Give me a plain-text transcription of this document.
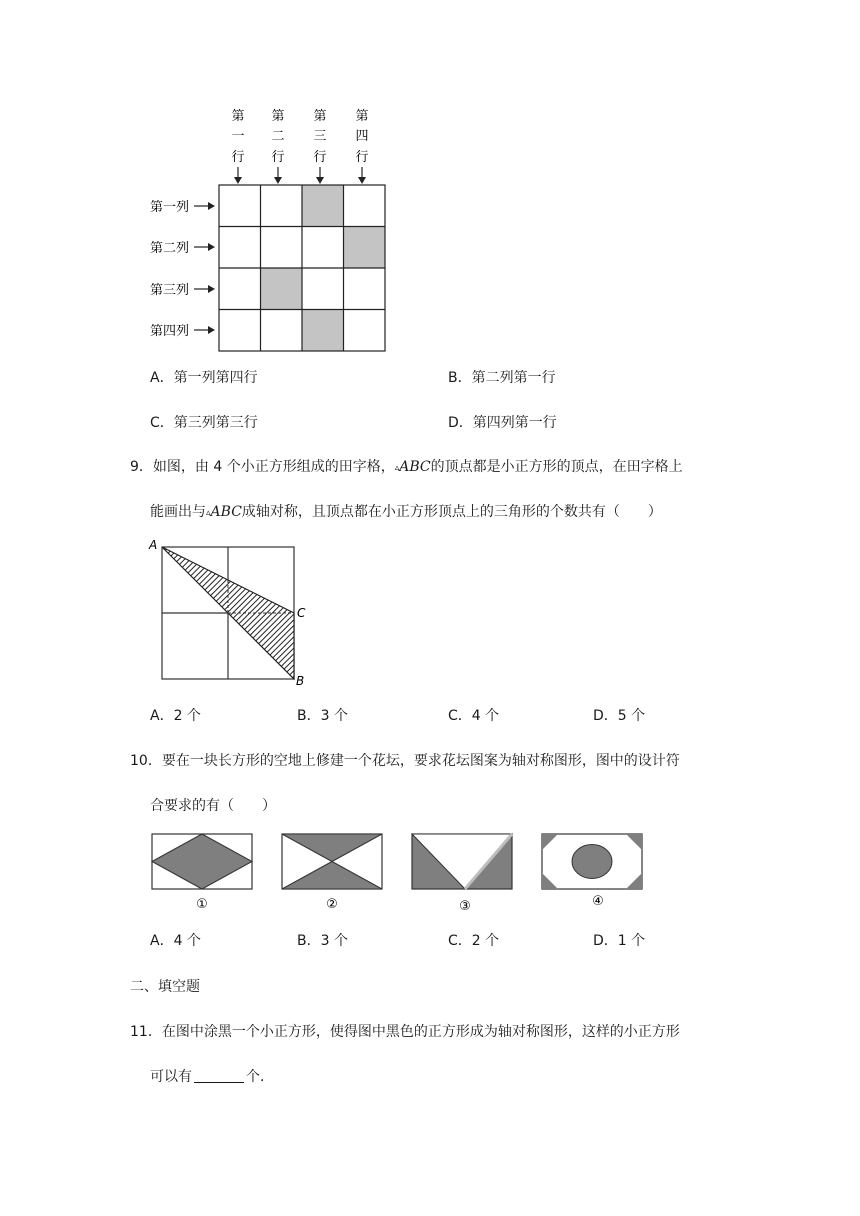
第
一
行
第
二
行
第
三
行
第
四
行
第一列
第二列
第三列
第四列
A．第一列第四行	B．第二列第一行
C．第三列第三行	D．第四列第一行
9．如图，由 4 个小正方形组成的田字格，▵ABC的顶点都是小正方形的顶点，在田字格上
能画出与▵ABC成轴对称，且顶点都在小正方形顶点上的三角形的个数共有（　　）
A
C
B
A．2 个	B．3 个	C．4 个	D．5 个
10．要在一块长方形的空地上修建一个花坛，要求花坛图案为轴对称图形，图中的设计符
合要求的有（　　）
①	②	③	④
A．4 个	B．3 个	C．2 个	D．1 个
二、填空题
11．在图中涂黑一个小正方形，使得图中黑色的正方形成为轴对称图形，这样的小正方形
可以有	个．
